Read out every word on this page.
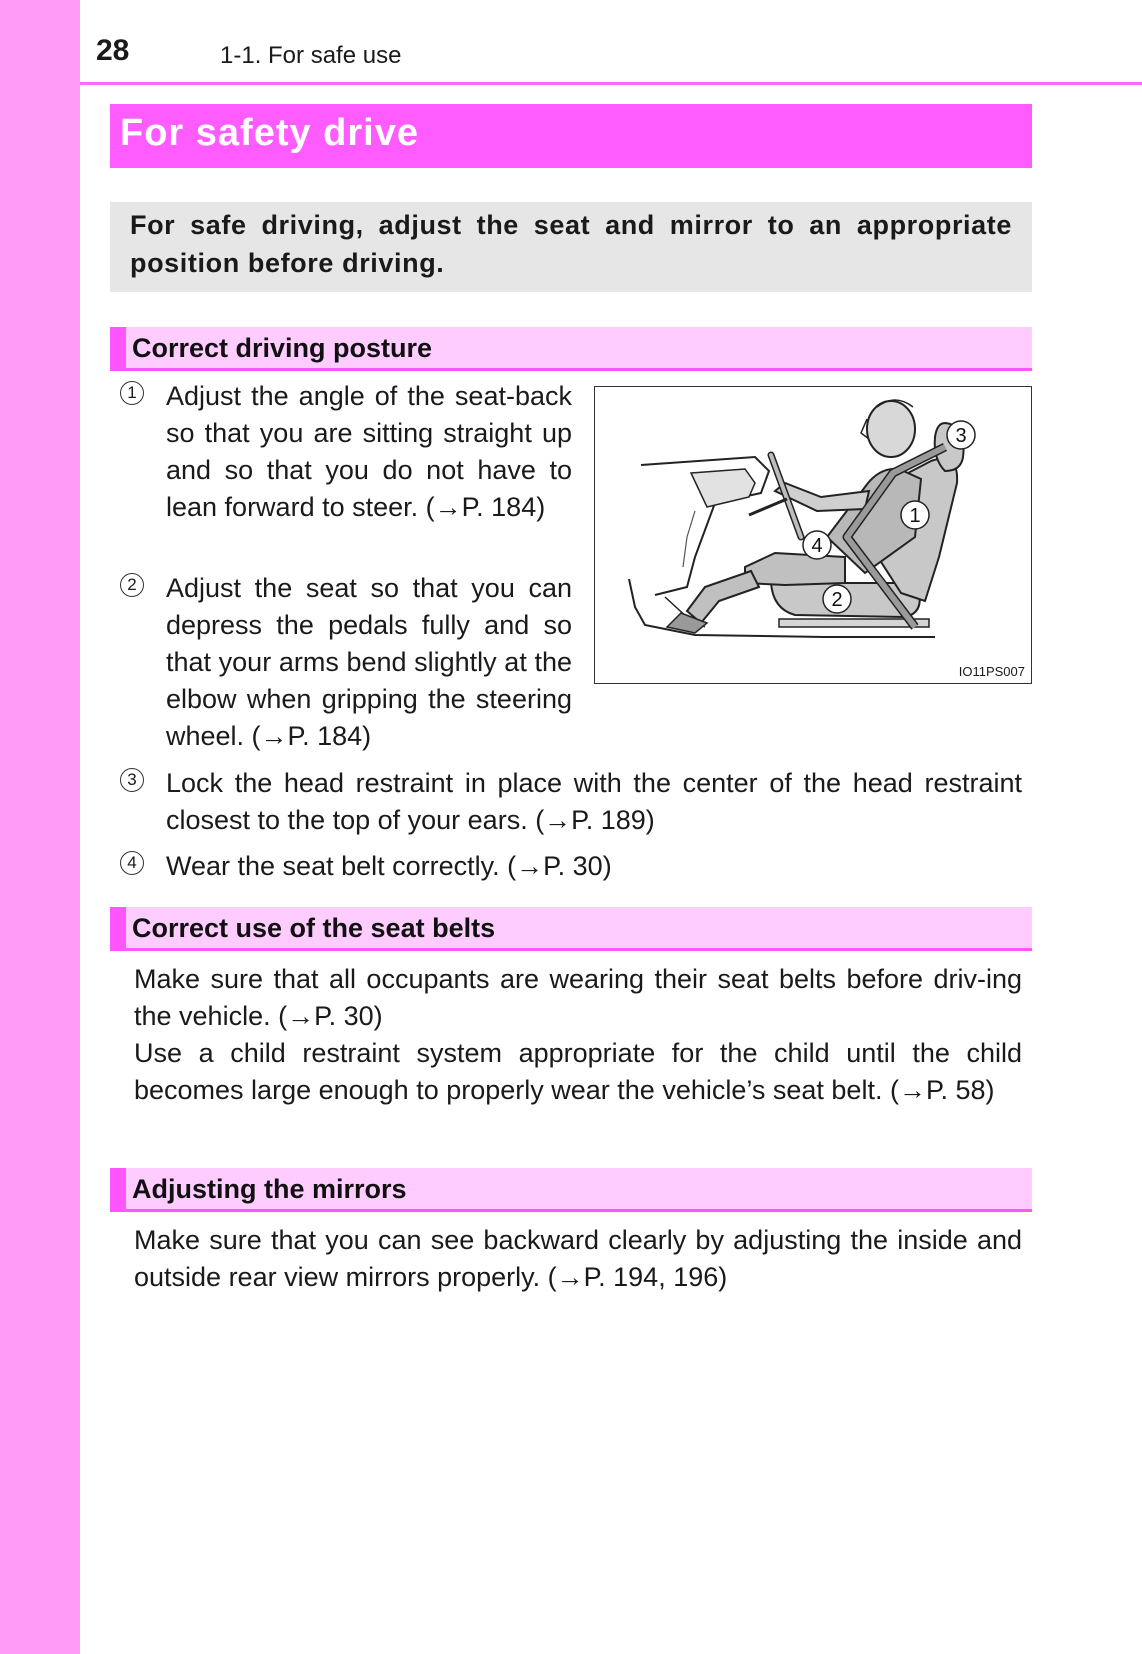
28	1-1. For safe use
For safety drive
For safe driving, adjust the seat and mirror to an appropriate position before driving.
Correct driving posture
1 Adjust the angle of the seat-back so that you are sitting straight up and so that you do not have to lean forward to steer. (→P. 184)
2 Adjust the seat so that you can depress the pedals fully and so that your arms bend slightly at the elbow when gripping the steering wheel. (→P. 184)
3 Lock the head restraint in place with the center of the head restraint closest to the top of your ears. (→P. 189)
4 Wear the seat belt correctly. (→P. 30)
3
1
4
2
IO11PS007
Correct use of the seat belts
Make sure that all occupants are wearing their seat belts before driv-ing the vehicle. (→P. 30)
Use a child restraint system appropriate for the child until the child becomes large enough to properly wear the vehicle’s seat belt. (→P. 58)
Adjusting the mirrors
Make sure that you can see backward clearly by adjusting the inside and outside rear view mirrors properly. (→P. 194, 196)
